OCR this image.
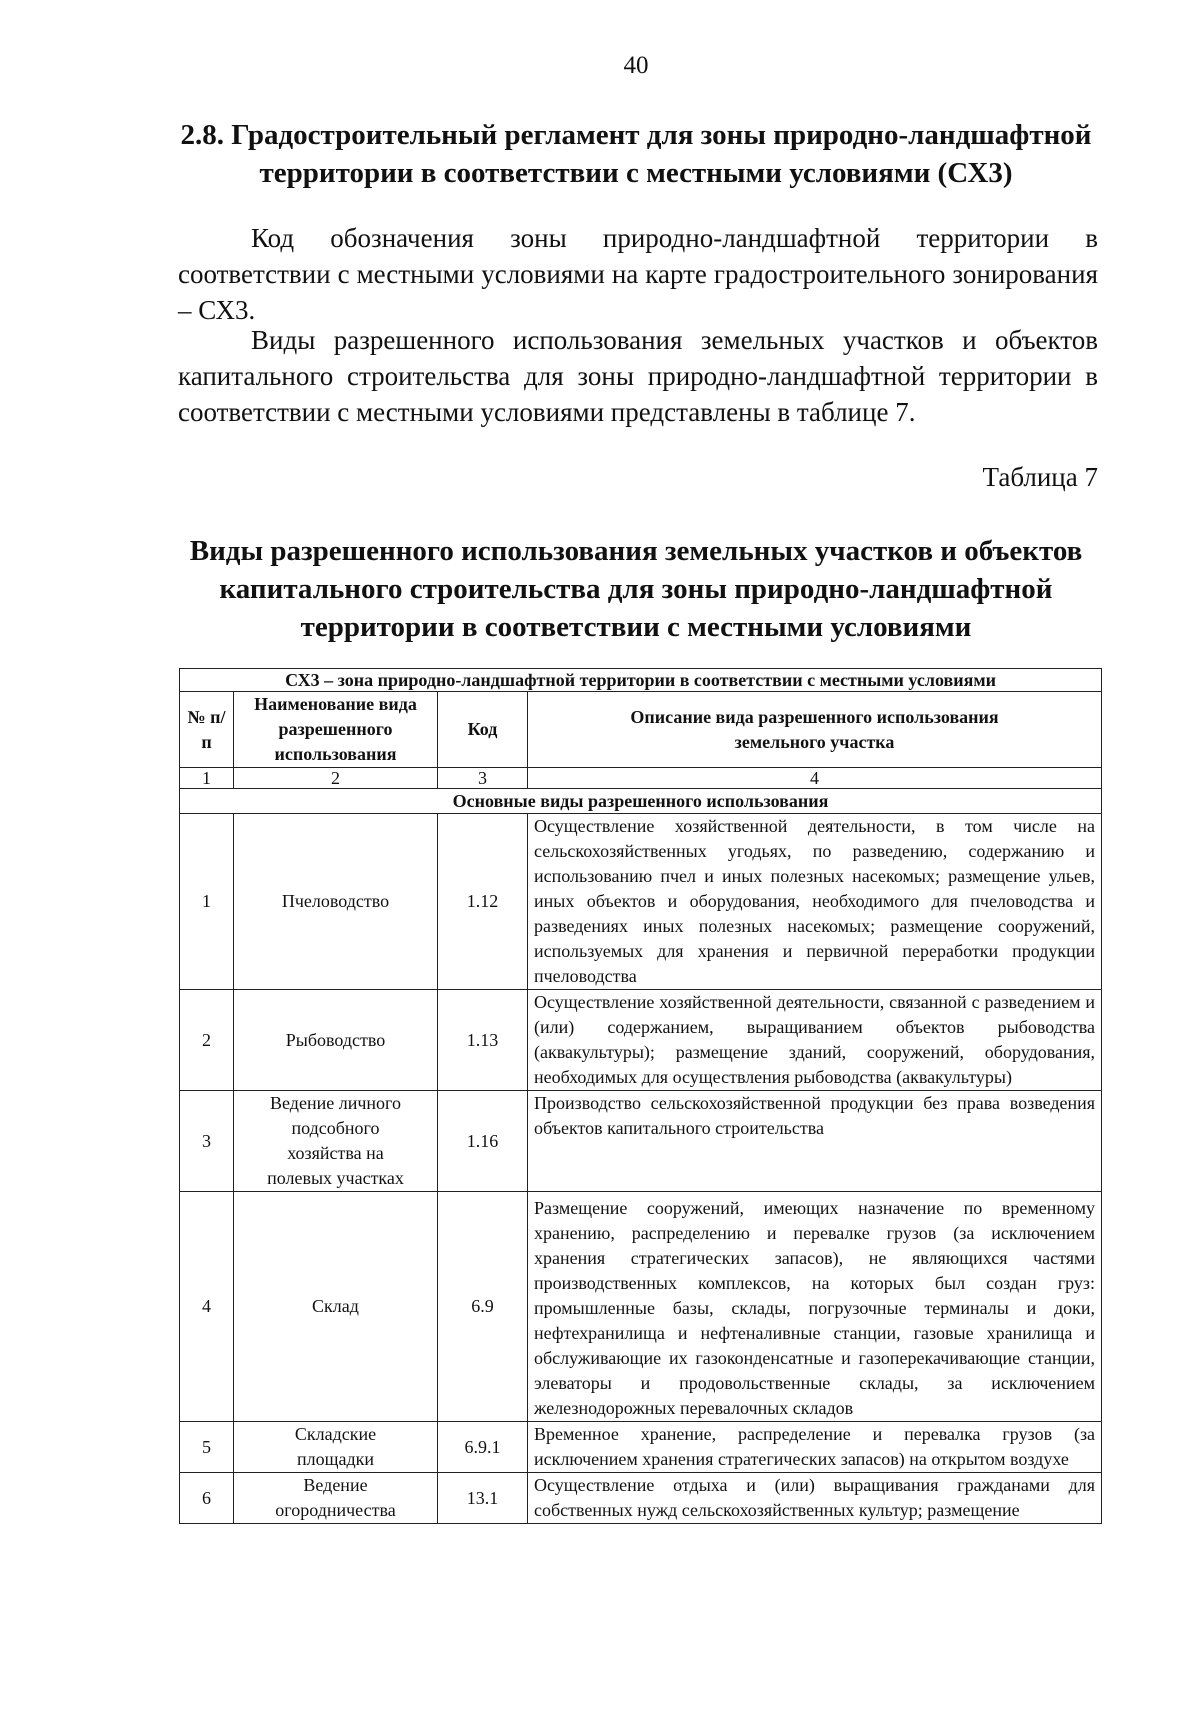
40
2.8. Градостроительный регламент для зоны природно-ландшафтной
территории в соответствии с местными условиями (СХ3)
Код обозначения зоны природно-ландшафтной территории в соответствии с местными условиями на карте градостроительного зонирования – СХ3.
Виды разрешенного использования земельных участков и объектов капитального строительства для зоны природно-ландшафтной территории в соответствии с местными условиями представлены в таблице 7.
Таблица 7
Виды разрешенного использования земельных участков и объектов
капитального строительства для зоны природно-ландшафтной
территории в соответствии с местными условиями
СХ3 – зона природно-ландшафтной территории в соответствии с местными условиями			
№ п/п	Наименование вида разрешенного использования	Код	Описание вида разрешенного использования земельного участка
1	2	3	4
Основные виды разрешенного использования			
1	Пчеловодство	1.12	Осуществление хозяйственной деятельности, в том числе на сельскохозяйственных угодьях, по разведению, содержанию и использованию пчел и иных полезных насекомых; размещение ульев, иных объектов и оборудования, необходимого для пчеловодства и разведениях иных полезных насекомых; размещение сооружений, используемых для хранения и первичной переработки продукции пчеловодства
2	Рыбоводство	1.13	Осуществление хозяйственной деятельности, связанной с разведением и (или) содержанием, выращиванием объектов рыбоводства (аквакультуры); размещение зданий, сооружений, оборудования, необходимых для осуществления рыбоводства (аквакультуры)
3	Ведение личного подсобного хозяйства на полевых участках	1.16	Производство сельскохозяйственной продукции без права возведения объектов капитального строительства
4	Склад	6.9	Размещение сооружений, имеющих назначение по временному хранению, распределению и перевалке грузов (за исключением хранения стратегических запасов), не являющихся частями производственных комплексов, на которых был создан груз: промышленные базы, склады, погрузочные терминалы и доки, нефтехранилища и нефтеналивные станции, газовые хранилища и обслуживающие их газоконденсатные и газоперекачивающие станции, элеваторы и продовольственные склады, за исключением железнодорожных перевалочных складов
5	Складские площадки	6.9.1	Временное хранение, распределение и перевалка грузов (за исключением хранения стратегических запасов) на открытом воздухе
6	Ведение огородничества	13.1	Осуществление отдыха и (или) выращивания гражданами для собственных нужд сельскохозяйственных культур; размещение
